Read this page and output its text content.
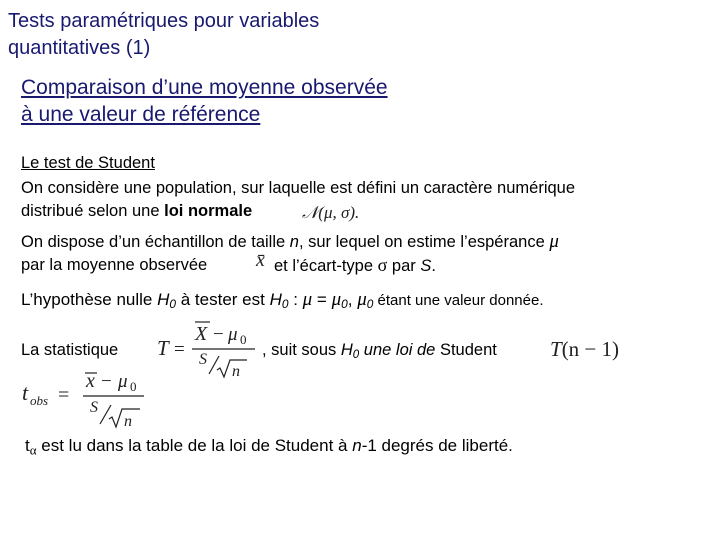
Tests paramétriques pour variables
quantitatives (1)
Comparaison d’une moyenne observée
à une valeur de référence
Le test de Student
On considère une population, sur laquelle est défini un caractère numérique
distribué selon une loi normale	𝒩(μ, σ).
On dispose d’un échantillon de taille n, sur lequel on estime l’espérance μ
par la moyenne observée x̄ et l’écart-type σ par S.
L’hypothèse nulle $H_0$ à tester est $H_0$ : $\mu = \mu_0$, $\mu_0$ étant une valeur donnée.
La statistique T =
X − μ 0
S
n
, suit sous $H_0$ une loi de Student	T(n − 1)
t obs =
x − μ 0
S
n
$t_\alpha$ est lu dans la table de la loi de Student à n-1 degrés de liberté.
